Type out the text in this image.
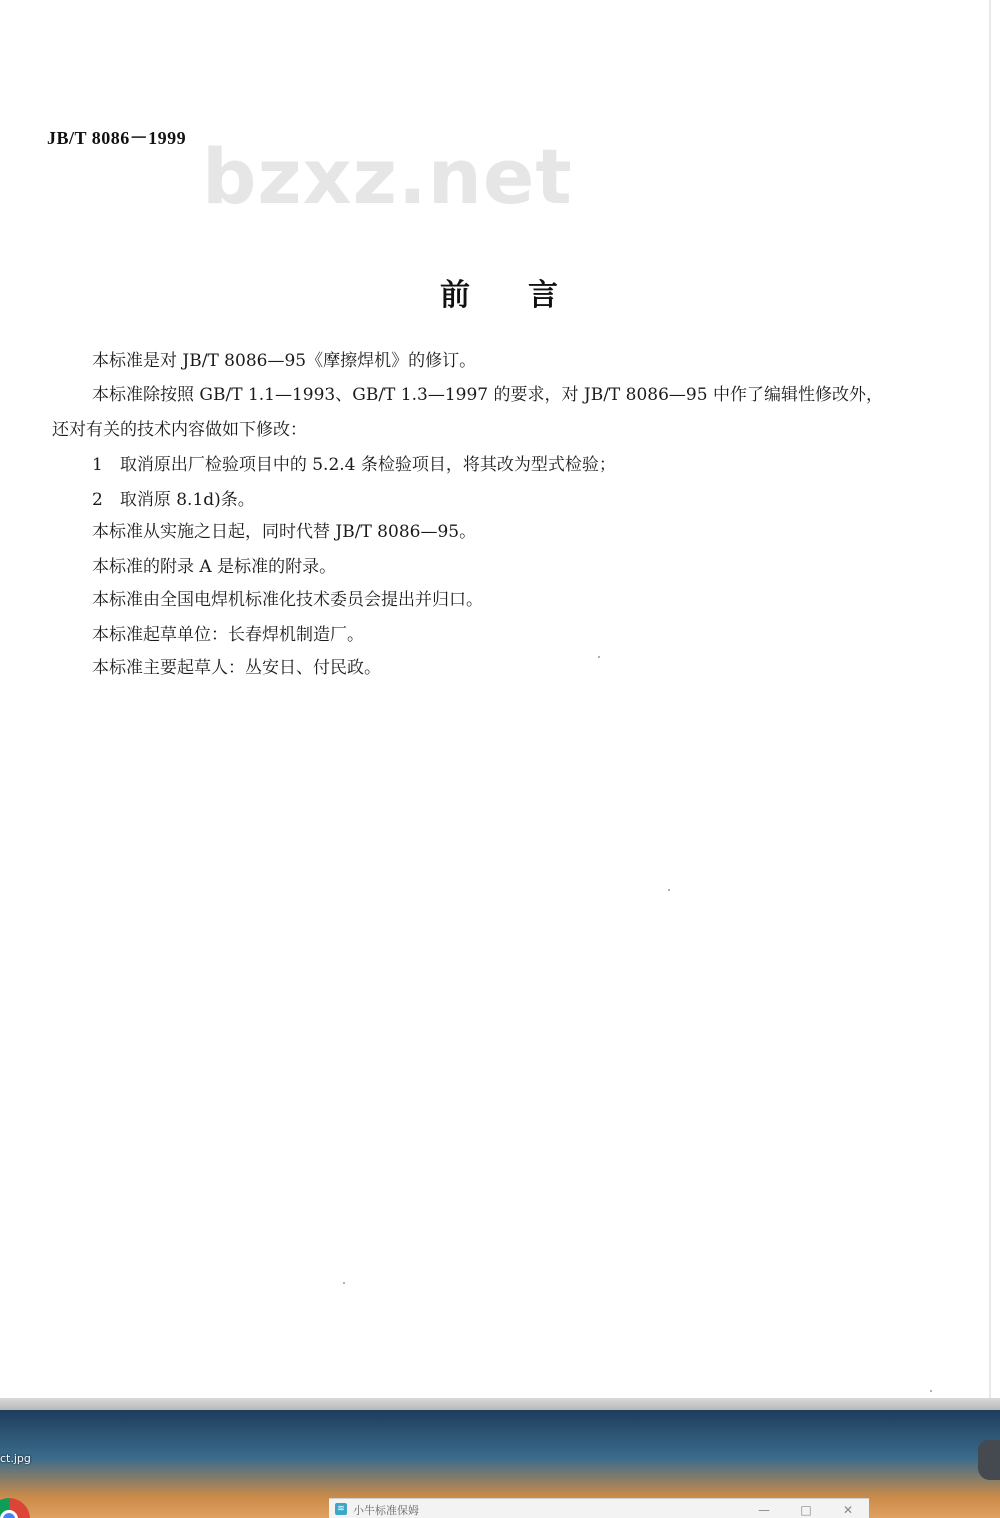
JB/T 8086－1999 bzxz.net
前 言
本标准是对 JB/T 8086—95《摩擦焊机》的修订。
本标准除按照 GB/T 1.1—1993、GB/T 1.3—1997 的要求，对 JB/T 8086—95 中作了编辑性修改外，
还对有关的技术内容做如下修改：
1　取消原出厂检验项目中的 5.2.4 条检验项目，将其改为型式检验；
2　取消原 8.1d)条。
本标准从实施之日起，同时代替 JB/T 8086—95。
本标准的附录 A 是标准的附录。
本标准由全国电焊机标准化技术委员会提出并归口。
本标准起草单位：长春焊机制造厂。
本标准主要起草人：丛安日、付民政。
ct.jpg
≋ 小牛标准保姆	—	□	✕
